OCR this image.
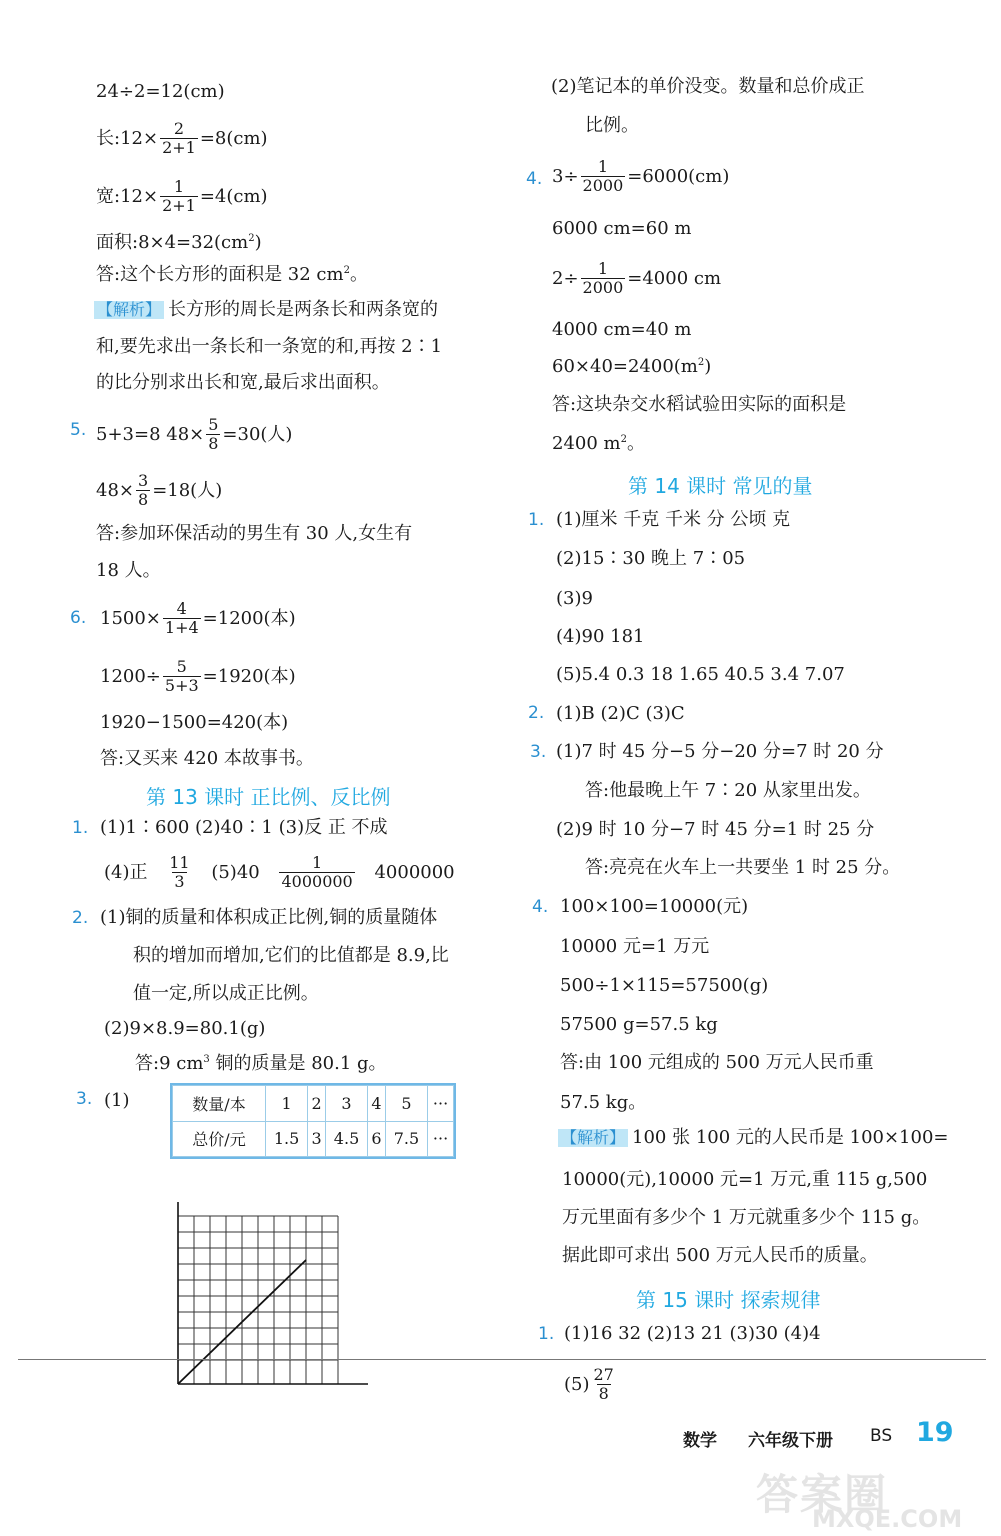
24÷2=12(cm)
长:12× $\frac{2}{2+1} =8(cm)$
宽:12× $\frac{1}{2+1} =4(cm)$
面积$:8\times 4=32(cm^2)$
答:这个长方形的面积是 32 $cm^2$。
【解析】 长方形的周长是两条长和两条宽的
和,要先求出一条长和一条宽的和,再按 2∶1
的比分别求出长和宽,最后求出面积。
5. 5+3=8 $48\times \frac{5}{8} =30$(人)
$48\times \frac{3}{8} =18$(人)
答:参加环保活动的男生有 30 人,女生有
18 人。
6. $1500\times \frac{4}{1+4} =1200$(本)
$1200\div \frac{5}{5+3} =1920$(本)
1920−1500=420(本)
答:又买来 420 本故事书。
第 13 课时 正比例、反比例
1. (1)1∶600 (2)40∶1 (3)反 正 不成
(4)正 $\frac{11}{3} (5)40 \frac{1}{4000000} 4000000$
2. (1)铜的质量和体积成正比例,铜的质量随体
积的增加而增加,它们的比值都是 8.9,比
值一定,所以成正比例。
(2)9×8.9=80.1(g)
答:9 $cm^3$ 铜的质量是 80.1 g。
3. (1)	数量/本	1	2	3	4	5	···
总价/元	1.5	3	4.5	6	7.5	···
(2)笔记本的单价没变。数量和总价成正
比例。
4. $3\div \frac{1}{2000} =6000(cm)$
6000 cm=60 m
$2\div \frac{1}{2000} =4000$ cm
4000 cm=40 m
$60\times 40=2400(m^2)$
答:这块杂交水稻试验田实际的面积是
2400 $m^2$。
第 14 课时 常见的量
1. (1)厘米 千克 千米 分 公顷 克
(2)15∶30 晚上 7∶05
(3)9
(4)90 181
(5)5.4 0.3 18 1.65 40.5 3.4 7.07
2. (1)B (2)C (3)C
3. (1)7 时 45 分−5 分−20 分=7 时 20 分
答:他最晚上午 7∶20 从家里出发。
(2)9 时 10 分−7 时 45 分=1 时 25 分
答:亮亮在火车上一共要坐 1 时 25 分。
4. 100×100=10000(元)
10000 元=1 万元
500÷1×115=57500(g)
57500 g=57.5 kg
答:由 100 元组成的 500 万元人民币重
57.5 kg。
【解析】 100 张 100 元的人民币是 100×100=
10000(元),10000 元=1 万元,重 115 g,500
万元里面有多少个 1 万元就重多少个 115 g。
据此即可求出 500 万元人民币的质量。
第 15 课时 探索规律
1. (1)16 32 (2)13 21 (3)30 (4)4
$(5) \frac{27}{8}$
数学 六年级下册 BS 19
答案圈
MXQE.COM
